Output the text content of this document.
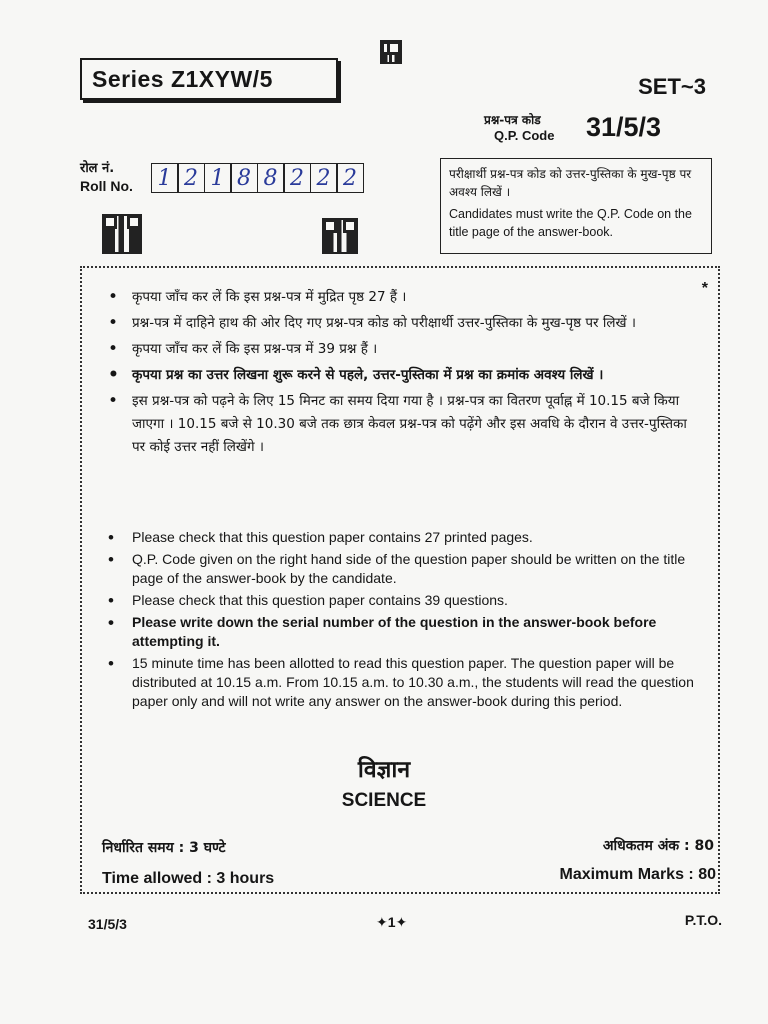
Series Z1XYW/5	SET~3
प्रश्न-पत्र कोड
Q.P. Code 31/5/3
रोल नं.
Roll No.	1 2 1 8 8 2 2 2	परीक्षार्थी प्रश्न-पत्र कोड को उत्तर-पुस्तिका के मुख-पृष्ठ पर अवश्य लिखें ।
Candidates must write the Q.P. Code on the title page of the answer-book.
*
• कृपया जाँच कर लें कि इस प्रश्न-पत्र में मुद्रित पृष्ठ 27 हैं ।
• प्रश्न-पत्र में दाहिने हाथ की ओर दिए गए प्रश्न-पत्र कोड को परीक्षार्थी उत्तर-पुस्तिका के मुख-पृष्ठ पर लिखें ।
• कृपया जाँच कर लें कि इस प्रश्न-पत्र में 39 प्रश्न हैं ।
• कृपया प्रश्न का उत्तर लिखना शुरू करने से पहले, उत्तर-पुस्तिका में प्रश्न का क्रमांक अवश्य लिखें ।
• इस प्रश्न-पत्र को पढ़ने के लिए 15 मिनट का समय दिया गया है । प्रश्न-पत्र का वितरण पूर्वाह्न में 10.15 बजे किया जाएगा । 10.15 बजे से 10.30 बजे तक छात्र केवल प्रश्न-पत्र को पढ़ेंगे और इस अवधि के दौरान वे उत्तर-पुस्तिका पर कोई उत्तर नहीं लिखेंगे ।
• Please check that this question paper contains 27 printed pages.
• Q.P. Code given on the right hand side of the question paper should be written on the title page of the answer-book by the candidate.
• Please check that this question paper contains 39 questions.
• Please write down the serial number of the question in the answer-book before attempting it.
• 15 minute time has been allotted to read this question paper. The question paper will be distributed at 10.15 a.m. From 10.15 a.m. to 10.30 a.m., the students will read the question paper only and will not write any answer on the answer-book during this period.
विज्ञान
SCIENCE
निर्धारित समय : 3 घण्टे
Time allowed : 3 hours
अधिकतम अंक : 80
Maximum Marks : 80
31/5/3	✦1✦	P.T.O.
